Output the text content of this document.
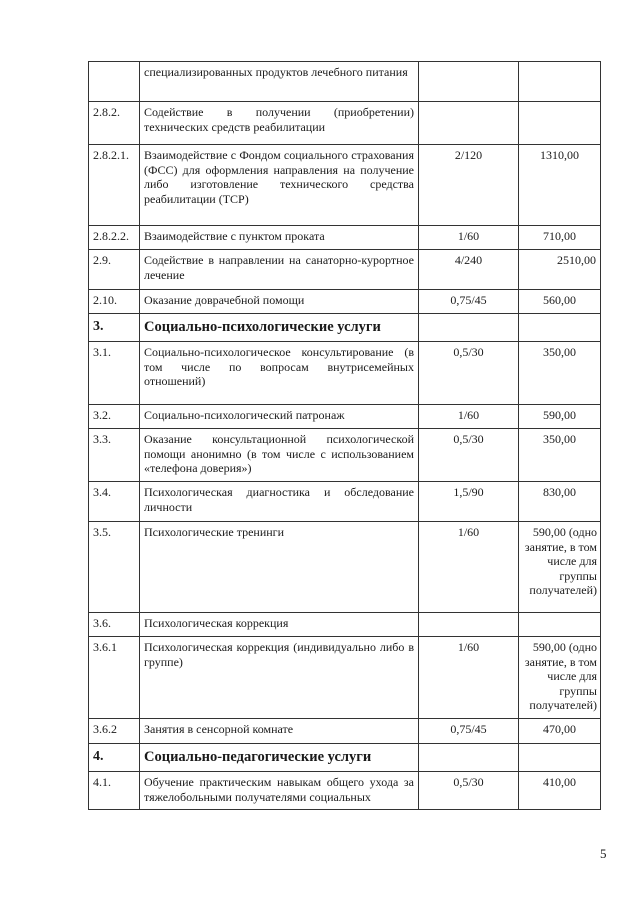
	специализированных продуктов лечебного питания		
2.8.2.	Содействие в получении (приобретении) технических средств реабилитации		
2.8.2.1.	Взаимодействие с Фондом социального страхования (ФСС) для оформления направления на получение либо изготовление технического средства реабилитации (ТСР)	2/120	1310,00
2.8.2.2.	Взаимодействие с пунктом проката	1/60	710,00
2.9.	Содействие в направлении на санаторно-курортное лечение	4/240	2510,00
2.10.	Оказание доврачебной помощи	0,75/45	560,00
3.	Социально-психологические услуги		
3.1.	Социально-психологическое консультирование (в том числе по вопросам внутрисемейных отношений)	0,5/30	350,00
3.2.	Социально-психологический патронаж	1/60	590,00
3.3.	Оказание консультационной психологической помощи анонимно (в том числе с использованием «телефона доверия»)	0,5/30	350,00
3.4.	Психологическая диагностика и обследование личности	1,5/90	830,00
3.5.	Психологические тренинги	1/60	590,00 (одно занятие, в том числе для группы получателей)
3.6.	Психологическая коррекция		
3.6.1	Психологическая коррекция (индивидуально либо в группе)	1/60	590,00 (одно занятие, в том числе для группы получателей)
3.6.2	Занятия в сенсорной комнате	0,75/45	470,00
4.	Социально-педагогические услуги		
4.1.	Обучение практическим навыкам общего ухода за тяжелобольными получателями социальных	0,5/30	410,00
5
